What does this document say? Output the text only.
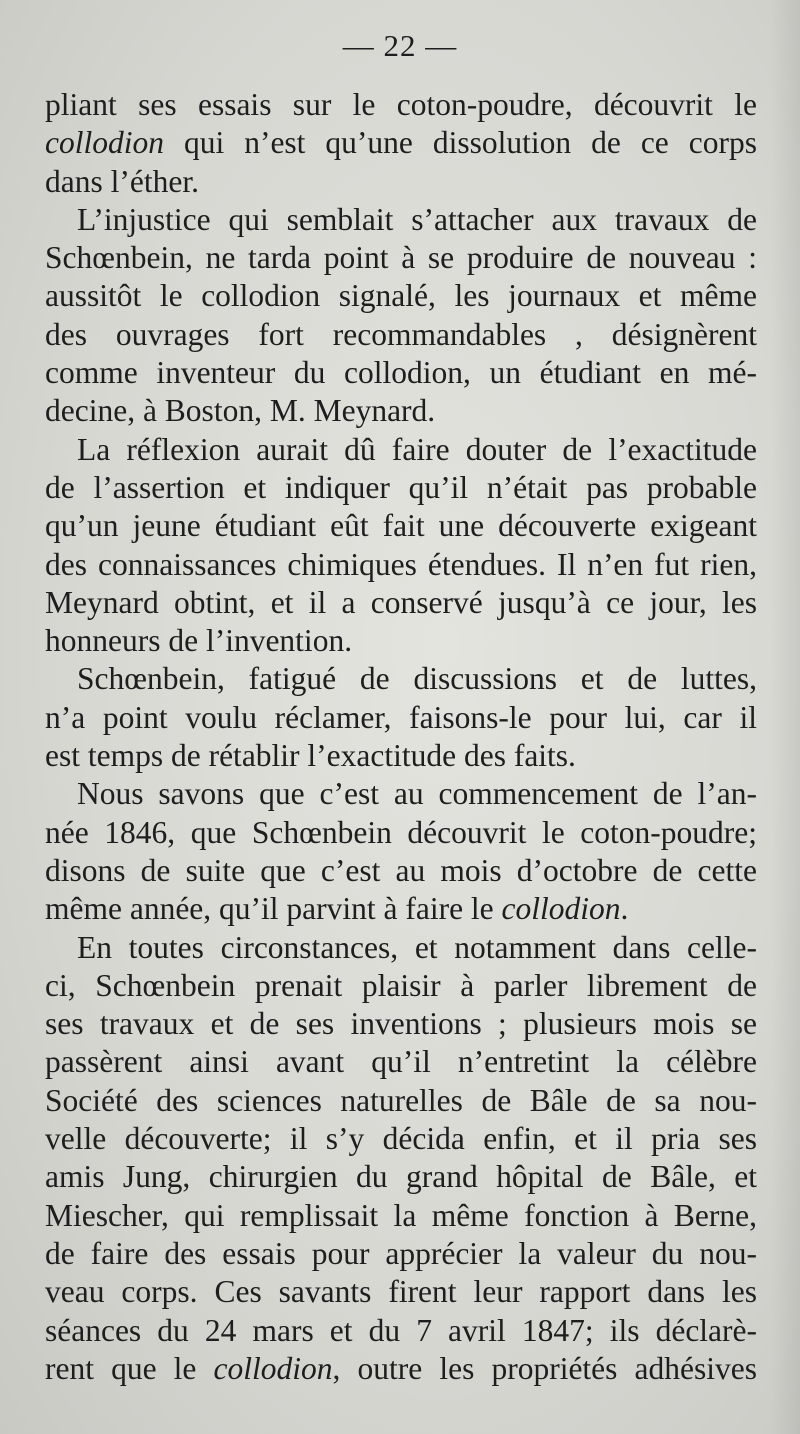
— 22 —
pliant ses essais sur le coton-poudre, découvrit le
collodion qui n’est qu’une dissolution de ce corps
dans l’éther.
L’injustice qui semblait s’attacher aux travaux de
Schœnbein, ne tarda point à se produire de nouveau :
aussitôt le collodion signalé, les journaux et même
des ouvrages fort recommandables , désignèrent
comme inventeur du collodion, un étudiant en mé-
decine, à Boston, M. Meynard.
La réflexion aurait dû faire douter de l’exactitude
de l’assertion et indiquer qu’il n’était pas probable
qu’un jeune étudiant eût fait une découverte exigeant
des connaissances chimiques étendues. Il n’en fut rien,
Meynard obtint, et il a conservé jusqu’à ce jour, les
honneurs de l’invention.
Schœnbein, fatigué de discussions et de luttes,
n’a point voulu réclamer, faisons-le pour lui, car il
est temps de rétablir l’exactitude des faits.
Nous savons que c’est au commencement de l’an-
née 1846, que Schœnbein découvrit le coton-poudre;
disons de suite que c’est au mois d’octobre de cette
même année, qu’il parvint à faire le collodion.
En toutes circonstances, et notamment dans celle-
ci, Schœnbein prenait plaisir à parler librement de
ses travaux et de ses inventions ; plusieurs mois se
passèrent ainsi avant qu’il n’entretint la célèbre
Société des sciences naturelles de Bâle de sa nou-
velle découverte; il s’y décida enfin, et il pria ses
amis Jung, chirurgien du grand hôpital de Bâle, et
Miescher, qui remplissait la même fonction à Berne,
de faire des essais pour apprécier la valeur du nou-
veau corps. Ces savants firent leur rapport dans les
séances du 24 mars et du 7 avril 1847; ils déclarè-
rent que le collodion, outre les propriétés adhésives
